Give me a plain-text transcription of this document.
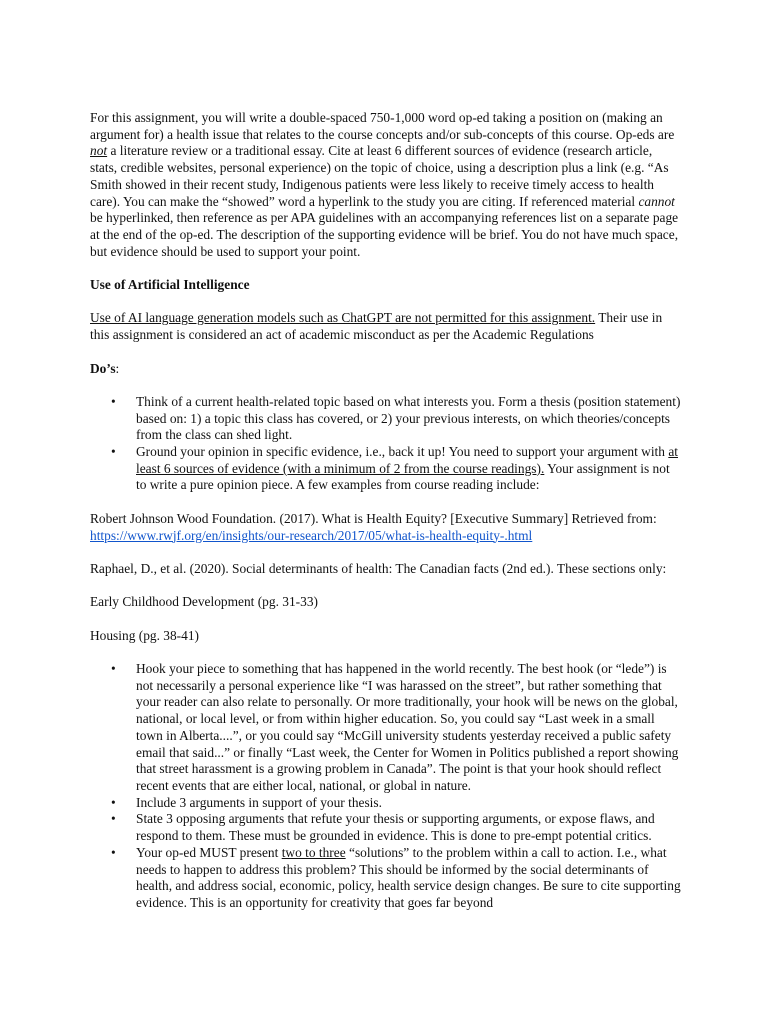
For this assignment, you will write a double-spaced 750-1,000 word op-ed taking a position on (making an argument for) a health issue that relates to the course concepts and/or sub-concepts of this course. Op-eds are not a literature review or a traditional essay. Cite at least 6 different sources of evidence (research article, stats, credible websites, personal experience) on the topic of choice, using a description plus a link (e.g. “As Smith showed in their recent study, Indigenous patients were less likely to receive timely access to health care). You can make the “showed” word a hyperlink to the study you are citing. If referenced material cannot be hyperlinked, then reference as per APA guidelines with an accompanying references list on a separate page at the end of the op-ed. The description of the supporting evidence will be brief. You do not have much space, but evidence should be used to support your point.

Use of Artificial Intelligence

Use of AI language generation models such as ChatGPT are not permitted for this assignment. Their use in this assignment is considered an act of academic misconduct as per the Academic Regulations

Do’s:

• Think of a current health-related topic based on what interests you. Form a thesis (position statement) based on: 1) a topic this class has covered, or 2) your previous interests, on which theories/concepts from the class can shed light.
• Ground your opinion in specific evidence, i.e., back it up! You need to support your argument with at least 6 sources of evidence (with a minimum of 2 from the course readings). Your assignment is not to write a pure opinion piece. A few examples from course reading include:

Robert Johnson Wood Foundation. (2017). What is Health Equity? [Executive Summary] Retrieved from: https://www.rwjf.org/en/insights/our-research/2017/05/what-is-health-equity-.html

Raphael, D., et al. (2020). Social determinants of health: The Canadian facts (2nd ed.). These sections only:

Early Childhood Development (pg. 31-33)

Housing (pg. 38-41)

• Hook your piece to something that has happened in the world recently. The best hook (or “lede”) is not necessarily a personal experience like “I was harassed on the street”, but rather something that your reader can also relate to personally. Or more traditionally, your hook will be news on the global, national, or local level, or from within higher education. So, you could say “Last week in a small town in Alberta....”, or you could say “McGill university students yesterday received a public safety email that said...” or finally “Last week, the Center for Women in Politics published a report showing that street harassment is a growing problem in Canada”. The point is that your hook should reflect recent events that are either local, national, or global in nature.
• Include 3 arguments in support of your thesis.
• State 3 opposing arguments that refute your thesis or supporting arguments, or expose flaws, and respond to them. These must be grounded in evidence. This is done to pre-empt potential critics.
• Your op-ed MUST present two to three “solutions” to the problem within a call to action. I.e., what needs to happen to address this problem? This should be informed by the social determinants of health, and address social, economic, policy, health service design changes. Be sure to cite supporting evidence. This is an opportunity for creativity that goes far beyond
